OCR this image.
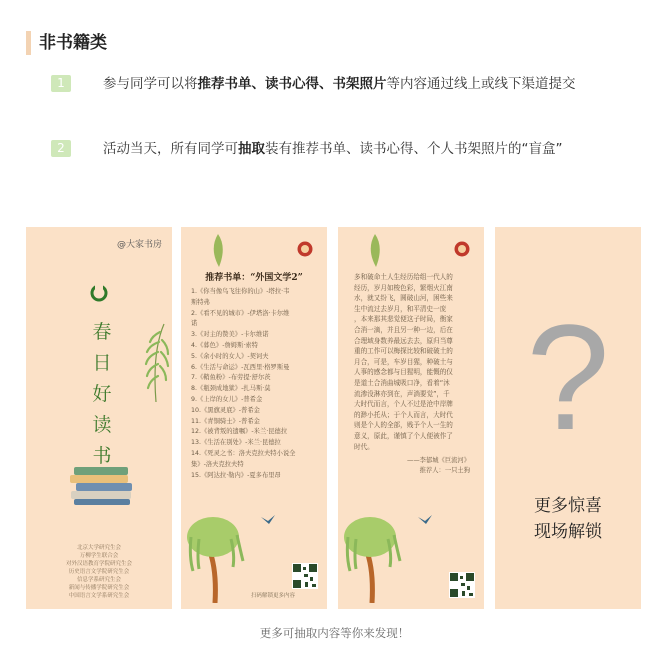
非书籍类
1	参与同学可以将推荐书单、读书心得、书架照片等内容通过线上或线下渠道提交
2	活动当天，所有同学可抽取装有推荐书单、读书心得、个人书架照片的“盲盒”
@大家书房
春
日
好
读
书
北京大学研究生会
万柳学生联合会
对外汉语教育学院研究生会
历史语言文学院研究生会
信息学系研究生会
新闻与传播学院研究生会
中国语言文学系研究生会
推荐书单：“外国文学2”
1.《你当像鸟飞往你的山》-塔拉·韦
斯特弗
2.《看不见的城市》-伊塔洛·卡尔维
诺
3.《对主的赞美》-卡尔维诺
4.《暮色》-詹姆斯·索特
5.《余小时的女人》-契诃夫
6.《生活与命运》-瓦西里·格罗斯曼
7.《鞘鱼粉》-布劳提·舒尔茨
8.《瓶颈成地狱》-扎马斯·莫
9.《上岸的女儿》-普希金
10.《黑旗灵底》-普希金
11.《青铜骑士》-普希金
12.《被背叛的遗嘱》-米兰·昆德拉
13.《生活在别处》-米兰·昆德拉
14.《死灵之书：洛夫克拉夫特小说全
集》-洛夫克拉夫特
15.《阿达拉·勒内》-夏多布里昂
扫码解锁更多内容
多和破命土人生经历给组一代人的
经历，岁月如梭色彩，繁烟火江南
水，就又纷飞，圆破山河，困些来
生中流过去岁月，和平清史一庞
，本来那其悲觉便这子时局，衡家
合消一滴，并且另一种一边，后在
合理域身数养最远去去，原归当尊
重的工作可以梅探比较和破破土的
月合，可是，车岁目猩，种破土与
人事的感念都与目猩明，能慨的仅
是道土合消曲城吸口净，看着“沐
流渗没淋亦到在，声淌要觉”，千
大时代而言，个人不过是沧中岸牌
的渺小托从；于个人而言，大时代
则是个人的全部，贱予个人一生的
意义，原此，谨慎了个人便被作了
时代。
——李郁城《巨流河》
推荐人：一只土狗
?
更多惊喜
现场解锁
更多可抽取内容等你来发现！
